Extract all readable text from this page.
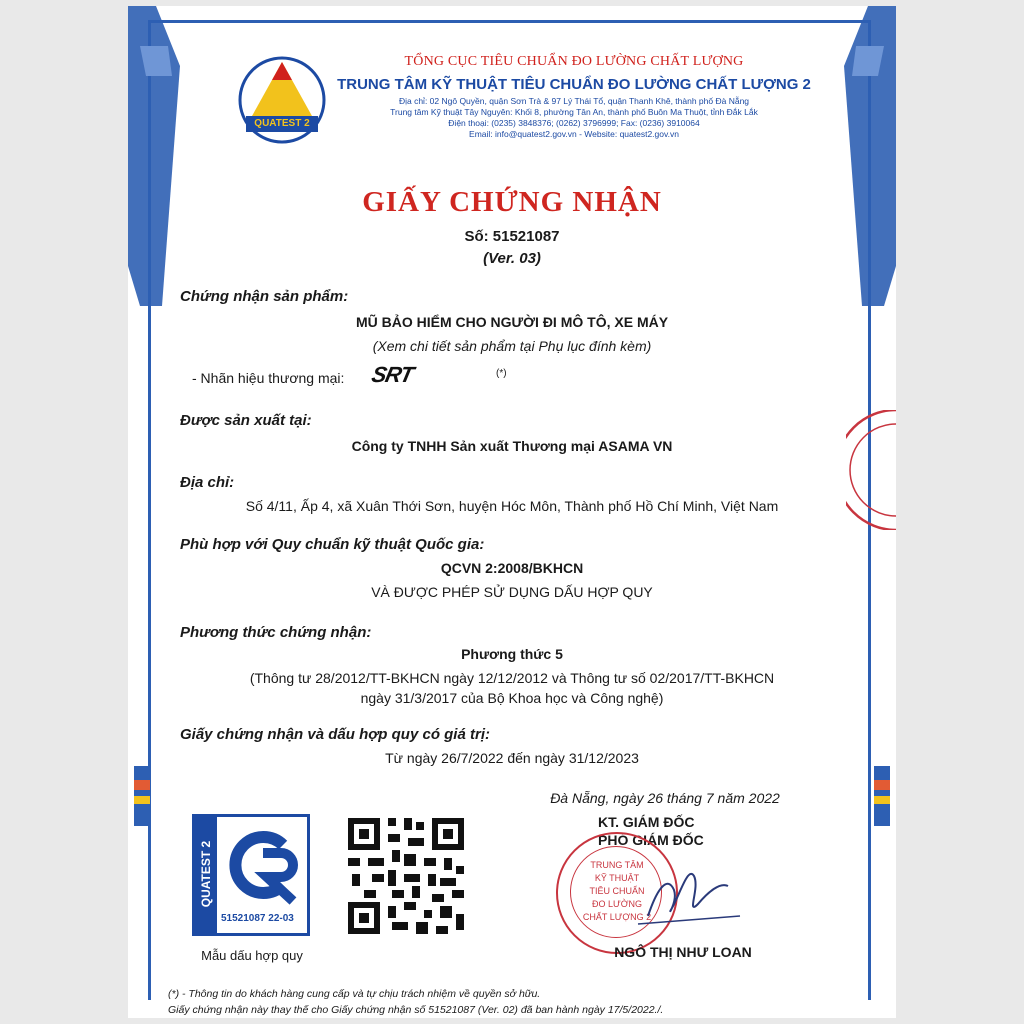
QUATEST 2
TỔNG CỤC TIÊU CHUẨN ĐO LƯỜNG CHẤT LƯỢNG
TRUNG TÂM KỸ THUẬT TIÊU CHUẨN ĐO LƯỜNG CHẤT LƯỢNG 2
Địa chỉ: 02 Ngô Quyền, quận Sơn Trà & 97 Lý Thái Tổ, quận Thanh Khê, thành phố Đà Nẵng
Trung tâm Kỹ thuật Tây Nguyên: Khối 8, phường Tân An, thành phố Buôn Ma Thuột, tỉnh Đắk Lắk
Điện thoại: (0235) 3848376; (0262) 3796999; Fax: (0236) 3910064
Email: info@quatest2.gov.vn - Website: quatest2.gov.vn
GIẤY CHỨNG NHẬN
Số: 51521087
(Ver. 03)
Chứng nhận sản phẩm:
MŨ BẢO HIỂM CHO NGƯỜI ĐI MÔ TÔ, XE MÁY
(Xem chi tiết sản phẩm tại Phụ lục đính kèm)
- Nhãn hiệu thương mại: SRT	(*)
Được sản xuất tại:
Công ty TNHH Sản xuất Thương mại ASAMA VN
Địa chỉ:
Số 4/11, Ấp 4, xã Xuân Thới Sơn, huyện Hóc Môn, Thành phố Hồ Chí Minh, Việt Nam
Phù hợp với Quy chuẩn kỹ thuật Quốc gia:
QCVN 2:2008/BKHCN
VÀ ĐƯỢC PHÉP SỬ DỤNG DẤU HỢP QUY
Phương thức chứng nhận:
Phương thức 5
(Thông tư 28/2012/TT-BKHCN ngày 12/12/2012 và Thông tư số 02/2017/TT-BKHCN
ngày 31/3/2017 của Bộ Khoa học và Công nghệ)
Giấy chứng nhận và dấu hợp quy có giá trị:
Từ ngày 26/7/2022 đến ngày 31/12/2023
QUATEST 2
51521087 22-03
Mẫu dấu hợp quy
Đà Nẵng, ngày 26 tháng 7 năm 2022
KT. GIÁM ĐỐC
PHÓ GIÁM ĐỐC
TRUNG TÂM
KỸ THUẬT
TIÊU CHUẨN
ĐO LƯỜNG
CHẤT LƯỢNG 2
NGÔ THỊ NHƯ LOAN
(*) - Thông tin do khách hàng cung cấp và tự chịu trách nhiệm về quyền sở hữu.
Giấy chứng nhận này thay thế cho Giấy chứng nhận số 51521087 (Ver. 02) đã ban hành ngày 17/5/2022./.
